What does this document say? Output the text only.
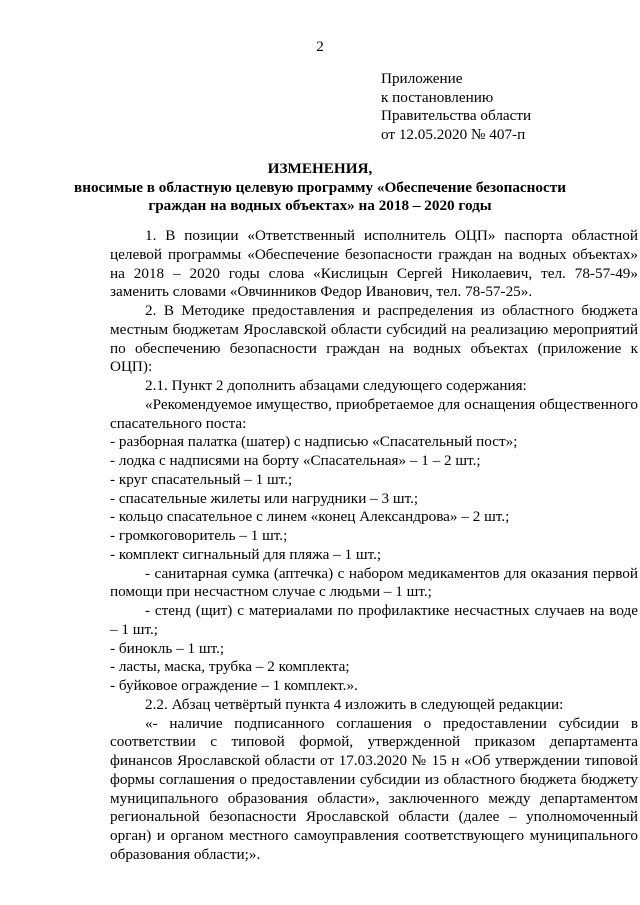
2
Приложение
к постановлению
Правительства области
от 12.05.2020 № 407-п
ИЗМЕНЕНИЯ,
вносимые в областную целевую программу «Обеспечение безопасности
граждан на водных объектах» на 2018 – 2020 годы

1. В позиции «Ответственный исполнитель ОЦП» паспорта областной целевой программы «Обеспечение безопасности граждан на водных объектах» на 2018 – 2020 годы слова «Кислицын Сергей Николаевич, тел. 78-57-49» заменить словами «Овчинников Федор Иванович, тел. 78-57-25».

2. В Методике предоставления и распределения из областного бюджета местным бюджетам Ярославской области субсидий на реализацию мероприятий по обеспечению безопасности граждан на водных объектах (приложение к ОЦП):

2.1. Пункт 2 дополнить абзацами следующего содержания:

«Рекомендуемое имущество, приобретаемое для оснащения общественного спасательного поста:

- разборная палатка (шатер) с надписью «Спасательный пост»;

- лодка с надписями на борту «Спасательная» – 1 – 2 шт.;

- круг спасательный – 1 шт.;

- спасательные жилеты или нагрудники – 3 шт.;

- кольцо спасательное с линем «конец Александрова» – 2 шт.;

- громкоговоритель – 1 шт.;

- комплект сигнальный для пляжа – 1 шт.;

- санитарная сумка (аптечка) с набором медикаментов для оказания первой помощи при несчастном случае с людьми – 1 шт.;

- стенд (щит) с материалами по профилактике несчастных случаев на воде – 1 шт.;

- бинокль – 1 шт.;

- ласты, маска, трубка – 2 комплекта;

- буйковое ограждение – 1 комплект.».

2.2. Абзац четвёртый пункта 4 изложить в следующей редакции:

«- наличие подписанного соглашения о предоставлении субсидии в соответствии с типовой формой, утвержденной приказом департамента финансов Ярославской области от 17.03.2020 № 15 н «Об утверждении типовой формы соглашения о предоставлении субсидии из областного бюджета бюджету муниципального образования области», заключенного между департаментом региональной безопасности Ярославской области (далее – уполномоченный орган) и органом местного самоуправления соответствующего муниципального образования области;».
